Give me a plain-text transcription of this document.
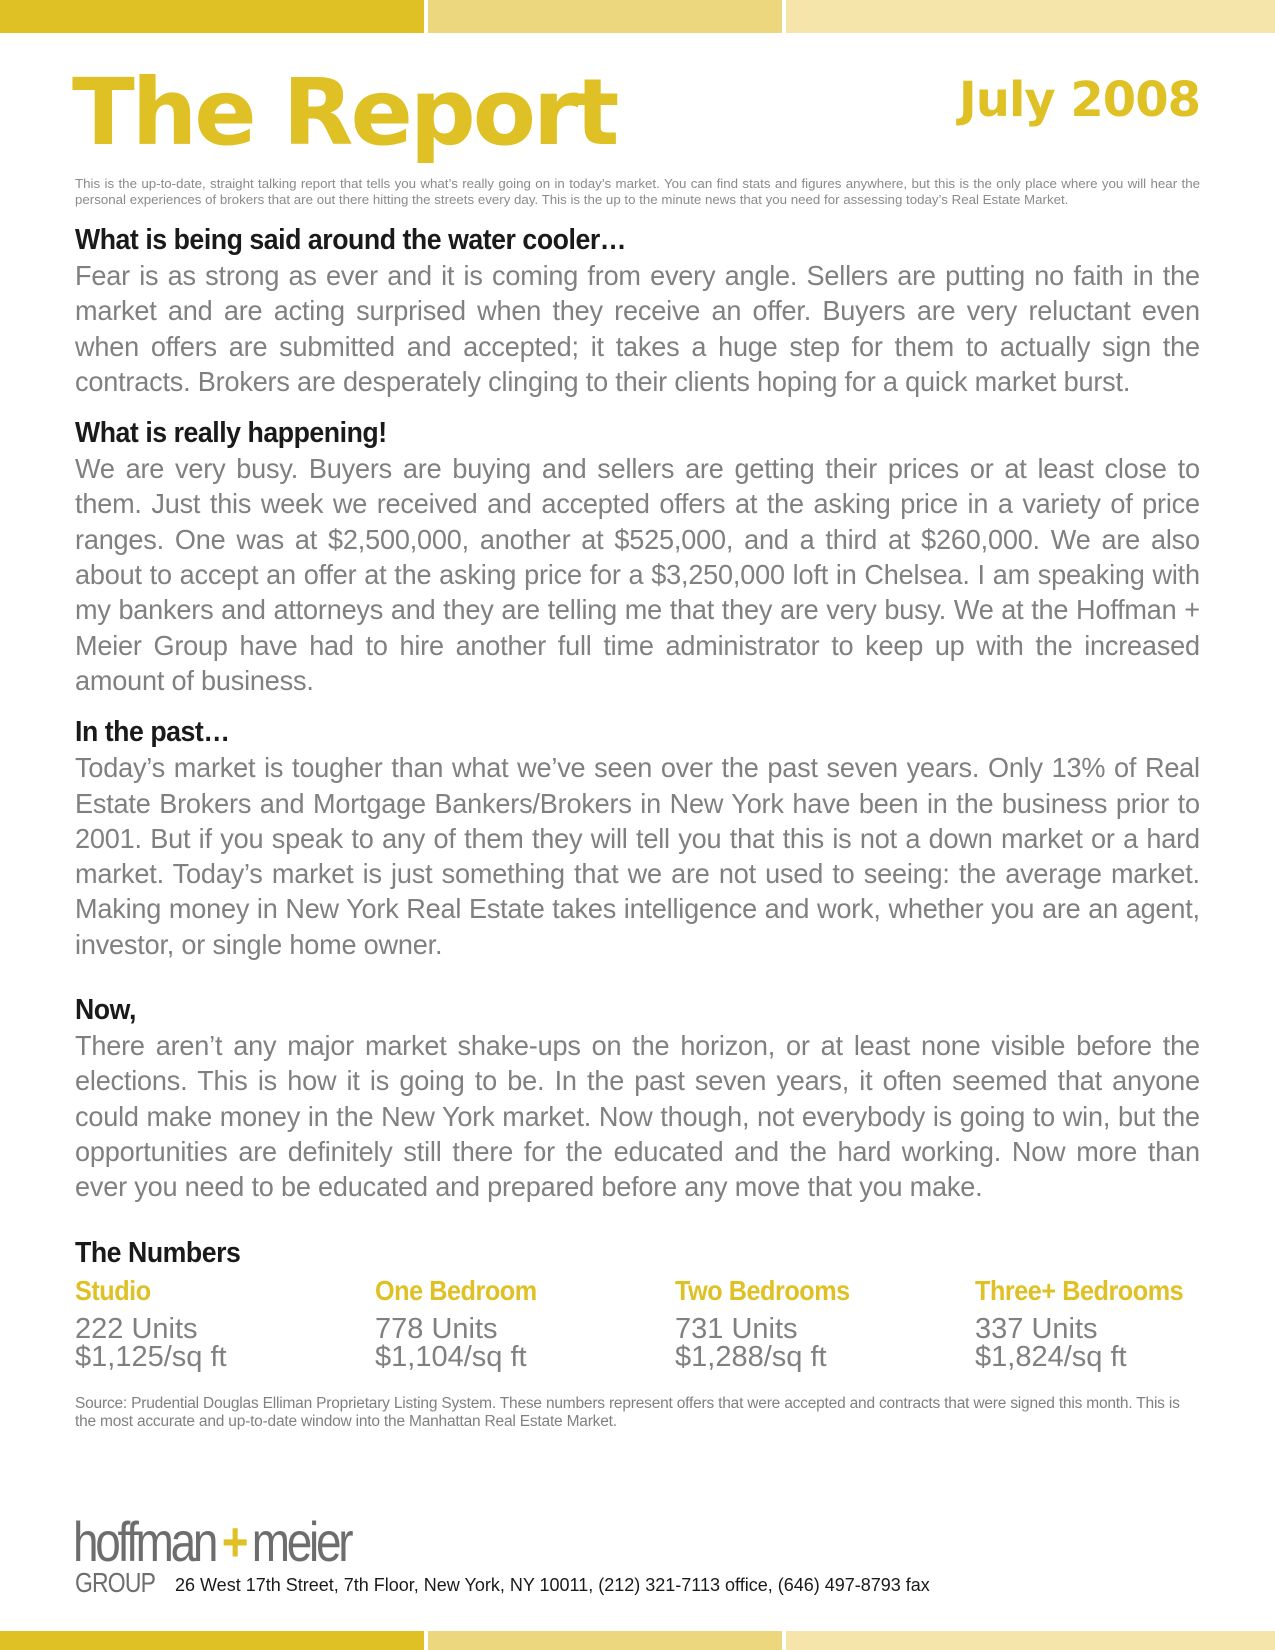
The Report	July 2008

This is the up-to-date, straight talking report that tells you what’s really going on in today’s market. You can find stats and figures anywhere, but this is the only place where you will hear the personal experiences of brokers that are out there hitting the streets every day. This is the up to the minute news that you need for assessing today’s Real Estate Market.

What is being said around the water cooler…

Fear is as strong as ever and it is coming from every angle. Sellers are putting no faith in the market and are acting surprised when they receive an offer. Buyers are very reluctant even when offers are submitted and accepted; it takes a huge step for them to actually sign the contracts. Brokers are desperately clinging to their clients hoping for a quick market burst.

What is really happening!

We are very busy. Buyers are buying and sellers are getting their prices or at least close to them. Just this week we received and accepted offers at the asking price in a variety of price ranges. One was at $2,500,000, another at $525,000, and a third at $260,000. We are also about to accept an offer at the asking price for a $3,250,000 loft in Chelsea. I am speaking with my bankers and attorneys and they are telling me that they are very busy. We at the Hoffman + Meier Group have had to hire another full time administrator to keep up with the increased amount of business.

In the past…

Today’s market is tougher than what we’ve seen over the past seven years. Only 13% of Real Estate Brokers and Mortgage Bankers/Brokers in New York have been in the business prior to 2001. But if you speak to any of them they will tell you that this is not a down market or a hard market. Today’s market is just something that we are not used to seeing: the average market. Making money in New York Real Estate takes intelligence and work, whether you are an agent, investor, or single home owner.

Now,

There aren’t any major market shake-ups on the horizon, or at least none visible before the elections. This is how it is going to be. In the past seven years, it often seemed that anyone could make money in the New York market. Now though, not everybody is going to win, but the opportunities are definitely still there for the educated and the hard working. Now more than ever you need to be educated and prepared before any move that you make.

The Numbers
Studio
222 Units
$1,125/sq ft
One Bedroom
778 Units
$1,104/sq ft
Two Bedrooms
731 Units
$1,288/sq ft
Three+ Bedrooms
337 Units
$1,824/sq ft

Source: Prudential Douglas Elliman Proprietary Listing System. These numbers represent offers that were accepted and contracts that were signed this month. This is the most accurate and up-to-date window into the Manhattan Real Estate Market.

hoffman +meier
GROUP 26 West 17th Street, 7th Floor, New York, NY 10011, (212) 321-7113 office, (646) 497-8793 fax
